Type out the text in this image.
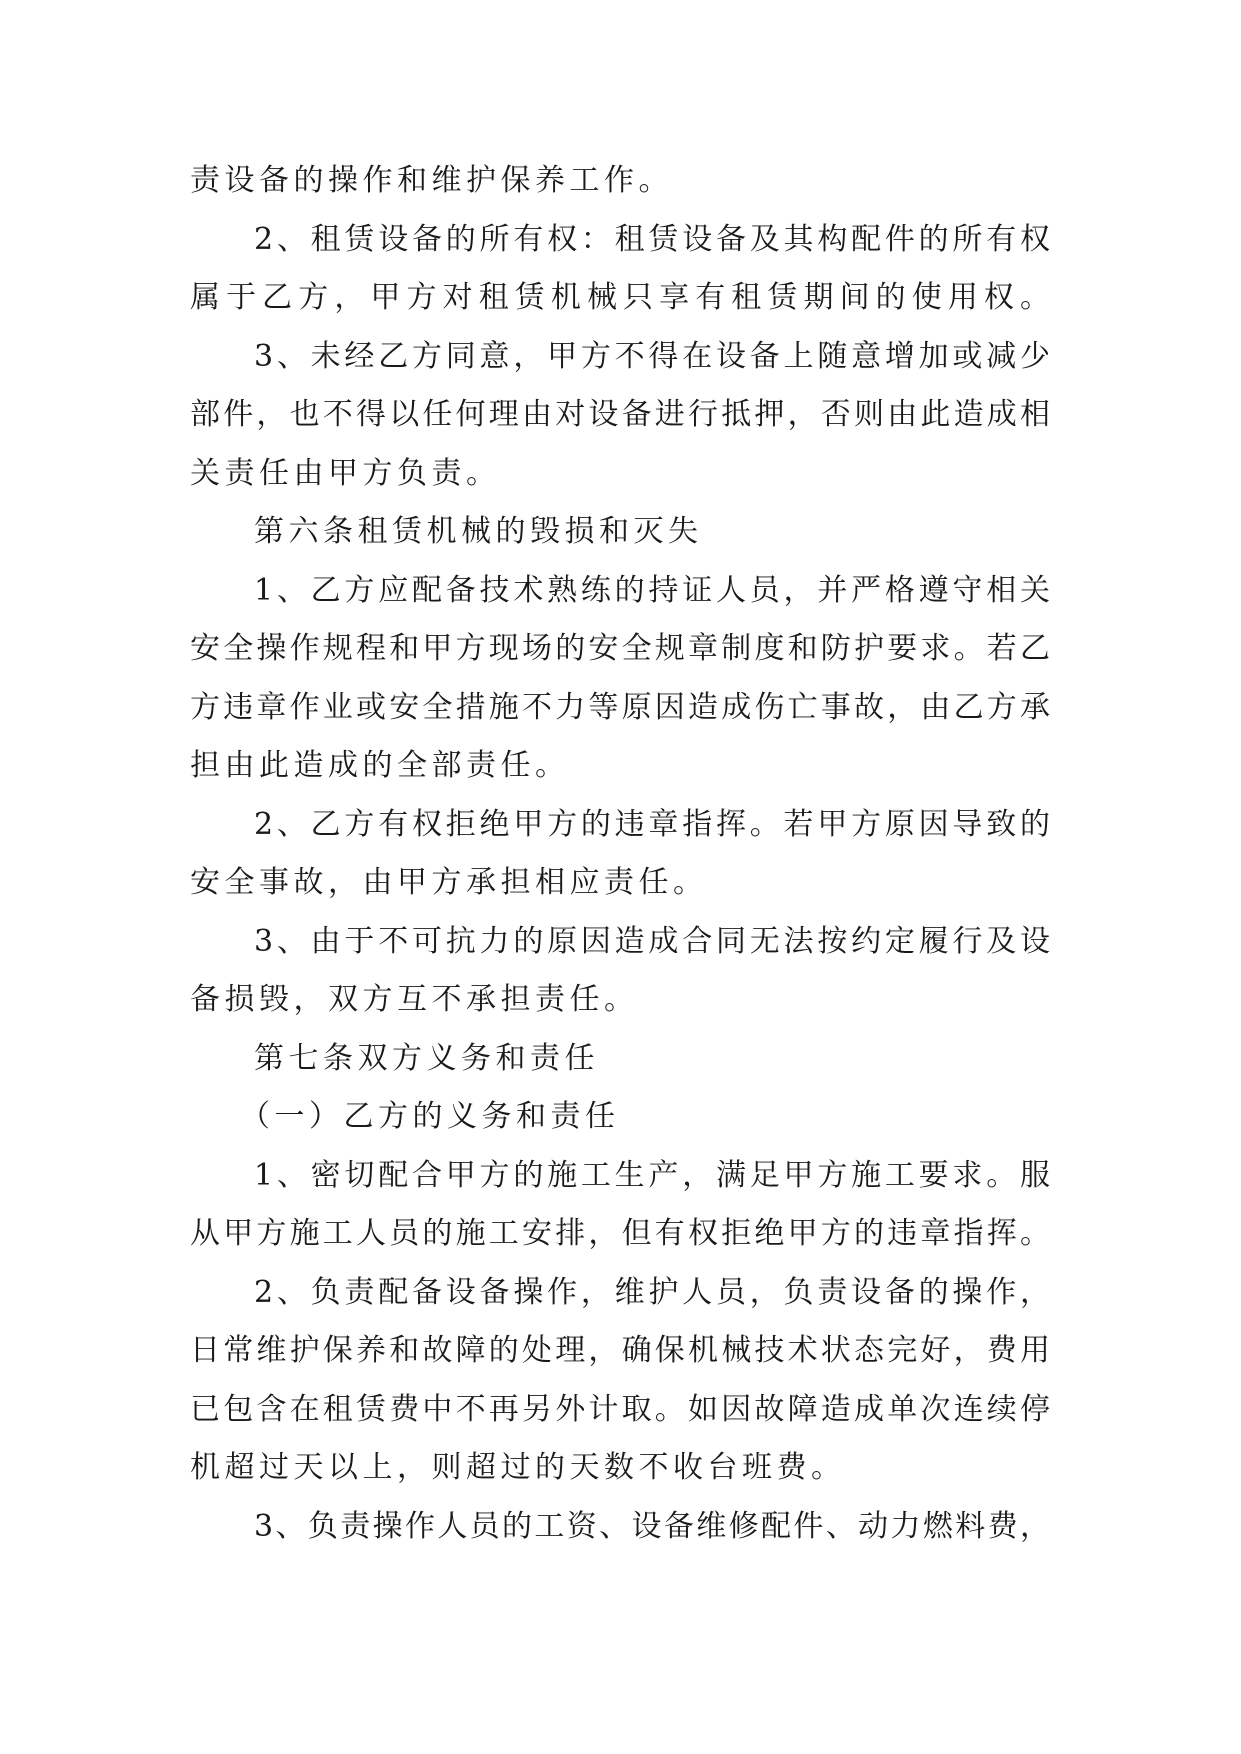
责设备的操作和维护保养工作。
2、租赁设备的所有权：租赁设备及其构配件的所有权
属于乙方，甲方对租赁机械只享有租赁期间的使用权。
3、未经乙方同意，甲方不得在设备上随意增加或减少
部件，也不得以任何理由对设备进行抵押，否则由此造成相
关责任由甲方负责。
第六条租赁机械的毁损和灭失
1、乙方应配备技术熟练的持证人员，并严格遵守相关
安全操作规程和甲方现场的安全规章制度和防护要求。若乙
方违章作业或安全措施不力等原因造成伤亡事故，由乙方承
担由此造成的全部责任。
2、乙方有权拒绝甲方的违章指挥。若甲方原因导致的
安全事故，由甲方承担相应责任。
3、由于不可抗力的原因造成合同无法按约定履行及设
备损毁，双方互不承担责任。
第七条双方义务和责任
（一）乙方的义务和责任
1、密切配合甲方的施工生产，满足甲方施工要求。服
从甲方施工人员的施工安排，但有权拒绝甲方的违章指挥。
2、负责配备设备操作，维护人员，负责设备的操作，
日常维护保养和故障的处理，确保机械技术状态完好，费用
已包含在租赁费中不再另外计取。如因故障造成单次连续停
机超过天以上，则超过的天数不收台班费。
3、负责操作人员的工资、设备维修配件、动力燃料费，
